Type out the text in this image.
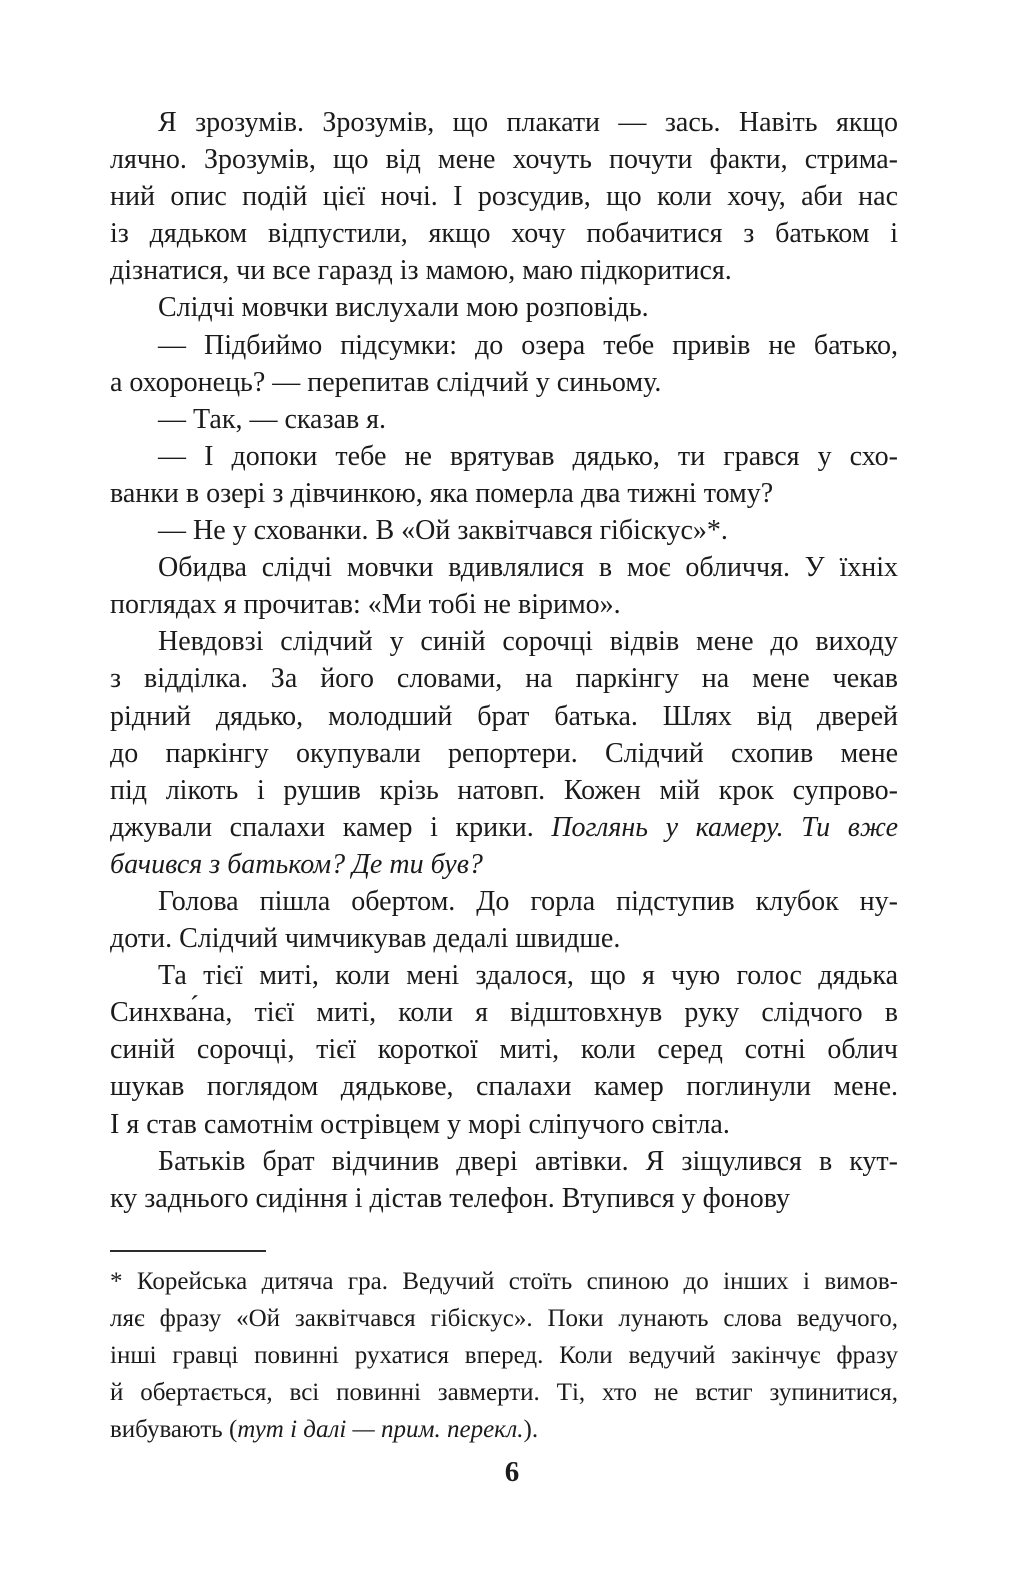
Я зрозумів. Зрозумів, що плакати — зась. Навіть якщо
лячно. Зрозумів, що від мене хочуть почути факти, стрима-
ний опис подій цієї ночі. І розсудив, що коли хочу, аби нас
із дядьком відпустили, якщо хочу побачитися з батьком і
дізнатися, чи все гаразд із мамою, маю підкоритися.
Слідчі мовчки вислухали мою розповідь.
— Підбиймо підсумки: до озера тебе привів не батько,
а охоронець? — перепитав слідчий у синьому.
— Так, — сказав я.
— І допоки тебе не врятував дядько, ти грався у схо-
ванки в озері з дівчинкою, яка померла два тижні тому?
— Не у схованки. В «Ой заквітчався гібіскус»*.
Обидва слідчі мовчки вдивлялися в моє обличчя. У їхніх
поглядах я прочитав: «Ми тобі не віримо».
Невдовзі слідчий у синій сорочці відвів мене до виходу
з відділка. За його словами, на паркінгу на мене чекав
рідний дядько, молодший брат батька. Шлях від дверей
до паркінгу окупували репортери. Слідчий схопив мене
під лікоть і рушив крізь натовп. Кожен мій крок супрово-
джували спалахи камер і крики. Поглянь у камеру. Ти вже
бачився з батьком? Де ти був?
Голова пішла обертом. До горла підступив клубок ну-
доти. Слідчий чимчикував дедалі швидше.
Та тієї миті, коли мені здалося, що я чую голос дядька
Синхва́на, тієї миті, коли я відштовхнув руку слідчого в
синій сорочці, тієї короткої миті, коли серед сотні облич
шукав поглядом дядькове, спалахи камер поглинули мене.
І я став самотнім острівцем у морі сліпучого світла.
Батьків брат відчинив двері автівки. Я зіщулився в кут-
ку заднього сидіння і дістав телефон. Втупився у фонову
* Корейська дитяча гра. Ведучий стоїть спиною до інших і вимов-
ляє фразу «Ой заквітчався гібіскус». Поки лунають слова ведучого,
інші гравці повинні рухатися вперед. Коли ведучий закінчує фразу
й обертається, всі повинні завмерти. Ті, хто не встиг зупинитися,
вибувають (тут і далі — прим. перекл.).
6
